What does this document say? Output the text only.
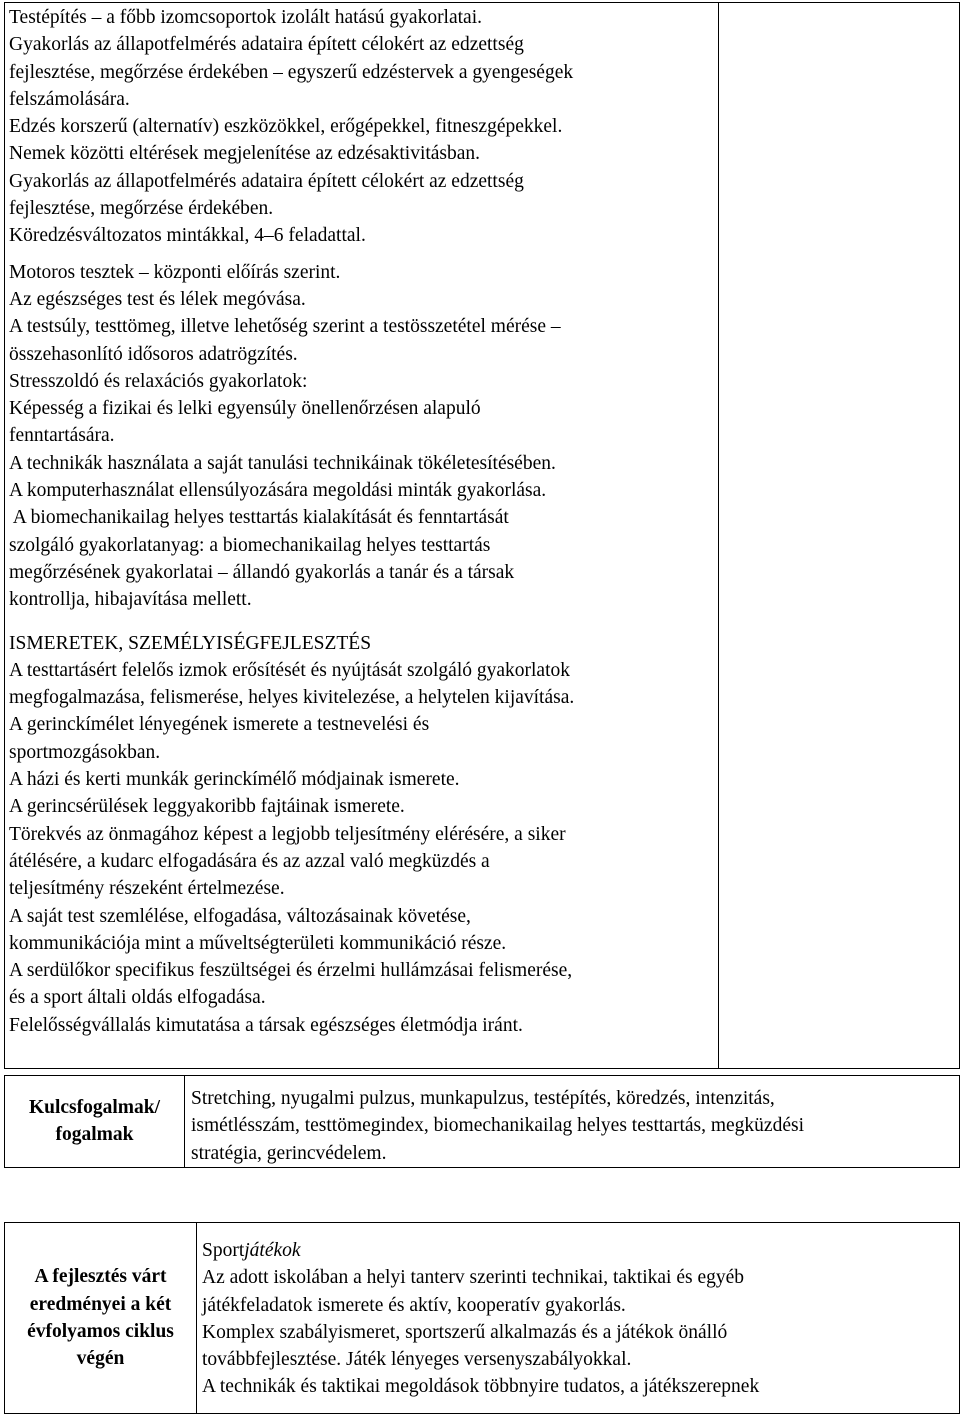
Testépítés – a főbb izomcsoportok izolált hatású gyakorlatai.

Gyakorlás az állapotfelmérés adataira épített célokért az edzettség

fejlesztése, megőrzése érdekében – egyszerű edzéstervek a gyengeségek

felszámolására.

Edzés korszerű (alternatív) eszközökkel, erőgépekkel, fitneszgépekkel.

Nemek közötti eltérések megjelenítése az edzésaktivitásban.

Gyakorlás az állapotfelmérés adataira épített célokért az edzettség

fejlesztése, megőrzése érdekében.

Köredzésváltozatos mintákkal, 4–6 feladattal.

Motoros tesztek – központi előírás szerint.

Az egészséges test és lélek megóvása.

A testsúly, testtömeg, illetve lehetőség szerint a testösszetétel mérése –

összehasonlító idősoros adatrögzítés.

Stresszoldó és relaxációs gyakorlatok:

Képesség a fizikai és lelki egyensúly önellenőrzésen alapuló

fenntartására.

A technikák használata a saját tanulási technikáinak tökéletesítésében.

A komputerhasználat ellensúlyozására megoldási minták gyakorlása.

A biomechanikailag helyes testtartás kialakítását és fenntartását

szolgáló gyakorlatanyag: a biomechanikailag helyes testtartás

megőrzésének gyakorlatai – állandó gyakorlás a tanár és a társak

kontrollja, hibajavítása mellett.

ISMERETEK, SZEMÉLYISÉGFEJLESZTÉS

A testtartásért felelős izmok erősítését és nyújtását szolgáló gyakorlatok

megfogalmazása, felismerése, helyes kivitelezése, a helytelen kijavítása.

A gerinckímélet lényegének ismerete a testnevelési és

sportmozgásokban.

A házi és kerti munkák gerinckímélő módjainak ismerete.

A gerincsérülések leggyakoribb fajtáinak ismerete.

Törekvés az önmagához képest a legjobb teljesítmény elérésére, a siker

átélésére, a kudarc elfogadására és az azzal való megküzdés a

teljesítmény részeként értelmezése.

A saját test szemlélése, elfogadása, változásainak követése,

kommunikációja mint a műveltségterületi kommunikáció része.

A serdülőkor specifikus feszültségei és érzelmi hullámzásai felismerése,

és a sport általi oldás elfogadása.

Felelősségvállalás kimutatása a társak egészséges életmódja iránt.

Kulcsfogalmak/
fogalmak

Stretching, nyugalmi pulzus, munkapulzus, testépítés, köredzés, intenzitás,

ismétlésszám, testtömegindex, biomechanikailag helyes testtartás, megküzdési

stratégia, gerincvédelem.

A fejlesztés várt
eredményei a két
évfolyamos ciklus
végén

Sportjátékok

Az adott iskolában a helyi tanterv szerinti technikai, taktikai és egyéb

játékfeladatok ismerete és aktív, kooperatív gyakorlás.

Komplex szabályismeret, sportszerű alkalmazás és a játékok önálló

továbbfejlesztése. Játék lényeges versenyszabályokkal.

A technikák és taktikai megoldások többnyire tudatos, a játékszerepnek
